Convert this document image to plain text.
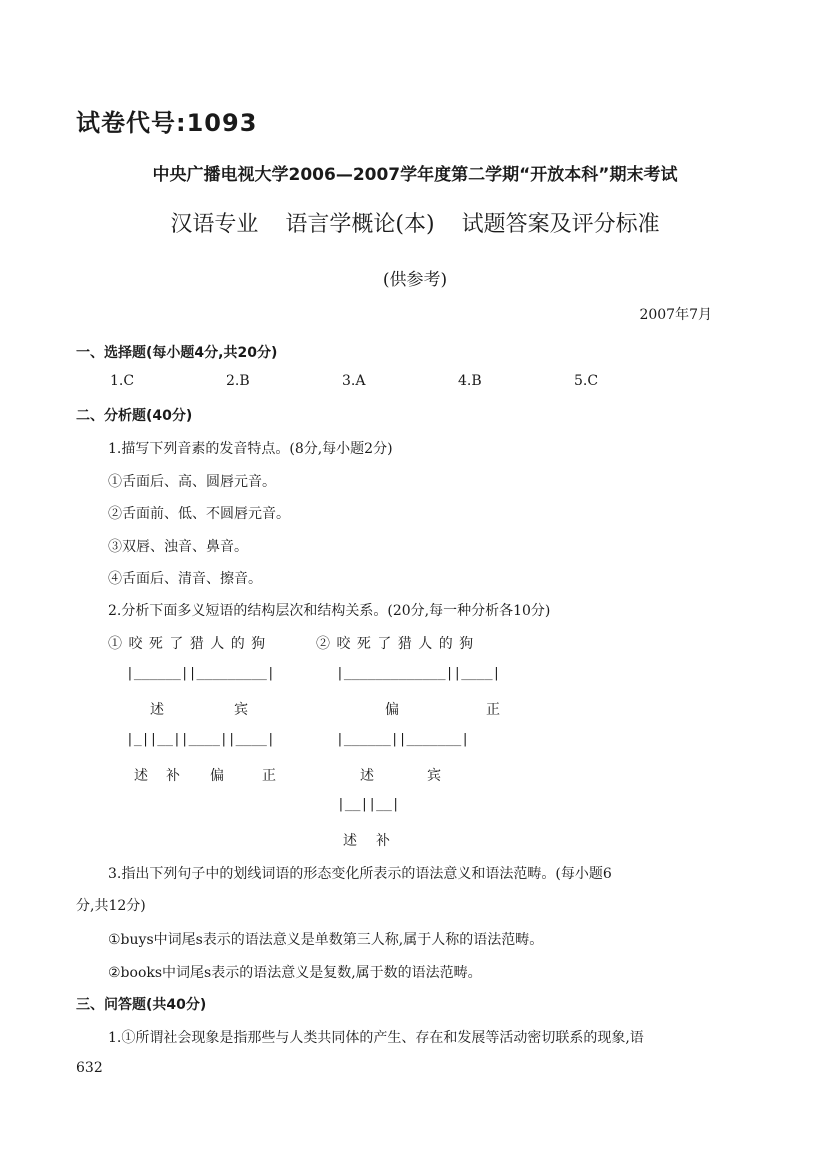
试卷代号:1093
中央广播电视大学2006—2007学年度第二学期“开放本科”期末考试
汉语专业 语言学概论(本) 试题答案及评分标准
(供参考)
2007年7月
一、选择题(每小题4分,共20分)
1.C	2.B	3.A	4.B	5.C
二、分析题(40分)
1.描写下列音素的发音特点。(8分,每小题2分)
①舌面后、高、圆唇元音。
②舌面前、低、不圆唇元音。
③双唇、浊音、鼻音。
④舌面后、清音、擦音。
2.分析下面多义短语的结构层次和结构关系。(20分,每一种分析各10分)
① 咬 死 了 猎 人 的 狗	② 咬 死 了 猎 人 的 狗
|______||_________|	|_____________||____|
述	宾	偏	正
|_||__||____||____|	|______||_______|
述 补 偏	正	述	宾
|__||__|
述 补
3.指出下列句子中的划线词语的形态变化所表示的语法意义和语法范畴。(每小题6
分,共12分)
①buys中词尾s表示的语法意义是单数第三人称,属于人称的语法范畴。
②books中词尾s表示的语法意义是复数,属于数的语法范畴。
三、问答题(共40分)
1.①所谓社会现象是指那些与人类共同体的产生、存在和发展等活动密切联系的现象,语
632
